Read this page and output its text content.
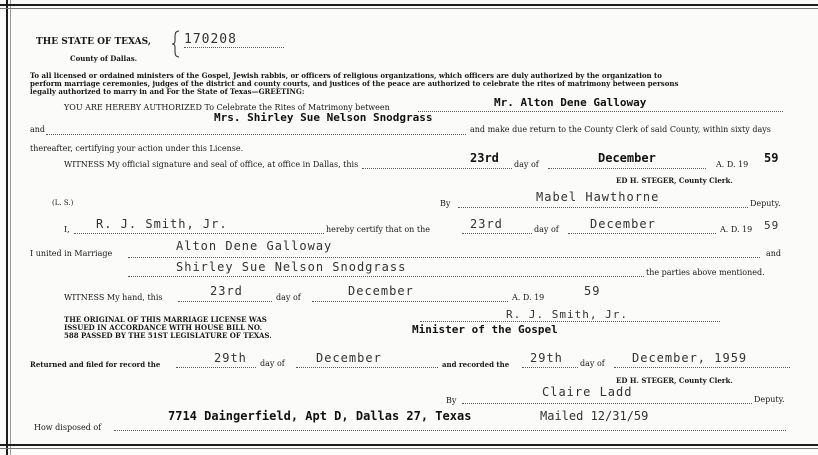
THE STATE OF TEXAS,
County of Dallas.
170208
To all licensed or ordained ministers of the Gospel, Jewish rabbis, or officers of religious organizations, which officers are duly authorized by the organization to
perform marriage ceremonies, judges of the district and county courts, and justices of the peace are authorized to celebrate the rites of matrimony between persons
legally authorized to marry in and For the State of Texas—GREETING:
YOU ARE HEREBY AUTHORIZED To Celebrate the Rites of Matrimony between	Mr. Alton Dene Galloway
and
Mrs. Shirley Sue Nelson Snodgrass
and make due return to the County Clerk of said County, within sixty days
thereafter, certifying your action under this License.
WITNESS My official signature and seal of office, at office in Dallas, this	23rd day of	December	A. D. 19 59
ED H. STEGER, County Clerk.
(L. S.)	By	Mabel Hawthorne	Deputy.
I, R. J. Smith, Jr.	hereby certify that on the	23rd	day of	December	A. D. 19 59
I united in Marriage
Alton Dene Galloway
and
Shirley Sue Nelson Snodgrass	the parties above mentioned.
WITNESS My hand, this	23rd	day of	December	A. D. 19	59
THE ORIGINAL OF THIS MARRIAGE LICENSE WAS
ISSUED IN ACCORDANCE WITH HOUSE BILL NO.
588 PASSED BY THE 51ST LEGISLATURE OF TEXAS.
R. J. Smith, Jr.
Minister of the Gospel
Returned and filed for record the	29th day of	December	and recorded the 29th day of December, 1959
ED H. STEGER, County Clerk.
By
Claire Ladd
Deputy.
How disposed of
7714 Daingerfield, Apt D, Dallas 27, Texas	Mailed 12/31/59
